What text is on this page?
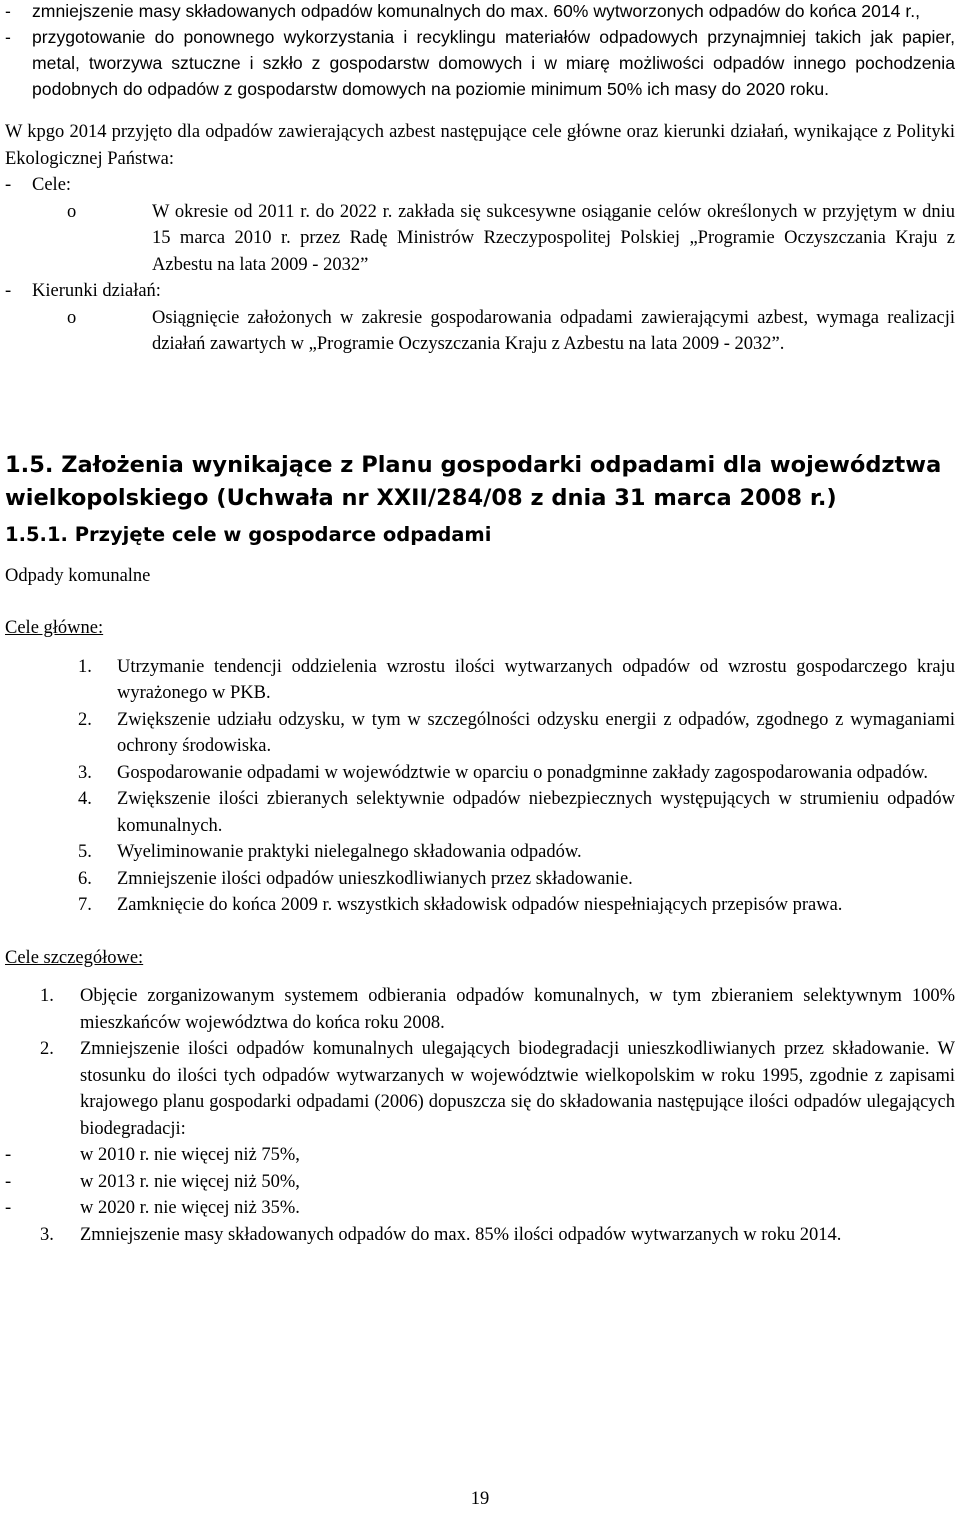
-	zmniejszenie masy składowanych odpadów komunalnych do max. 60% wytworzonych odpadów do końca 2014 r.,
-	przygotowanie do ponownego wykorzystania i recyklingu materiałów odpadowych przynajmniej takich jak papier, metal, tworzywa sztuczne i szkło z gospodarstw domowych i w miarę możliwości odpadów innego pochodzenia podobnych do odpadów z gospodarstw domowych na poziomie minimum 50% ich masy do 2020 roku.

W kpgo 2014 przyjęto dla odpadów zawierających azbest następujące cele główne oraz kierunki działań, wynikające z Polityki Ekologicznej Państwa:

-	Cele:
o	W okresie od 2011 r. do 2022 r. zakłada się sukcesywne osiąganie celów określonych w przyjętym w dniu 15 marca 2010 r. przez Radę Ministrów Rzeczypospolitej Polskiej „Programie Oczyszczania Kraju z Azbestu na lata 2009 - 2032”
-	Kierunki działań:
o	Osiągnięcie założonych w zakresie gospodarowania odpadami zawierającymi azbest, wymaga realizacji działań zawartych w „Programie Oczyszczania Kraju z Azbestu na lata 2009 - 2032”.
1.5. Założenia wynikające z Planu gospodarki odpadami dla województwa wielkopolskiego (Uchwała nr XXII/284/08 z dnia 31 marca 2008 r.)
1.5.1. Przyjęte cele w gospodarce odpadami
Odpady komunalne
Cele główne:
1.	Utrzymanie tendencji oddzielenia wzrostu ilości wytwarzanych odpadów od wzrostu gospodarczego kraju wyrażonego w PKB.
2.	Zwiększenie udziału odzysku, w tym w szczególności odzysku energii z odpadów, zgodnego z wymaganiami ochrony środowiska.
3.	Gospodarowanie odpadami w województwie w oparciu o ponadgminne zakłady zagospodarowania odpadów.
4.	Zwiększenie ilości zbieranych selektywnie odpadów niebezpiecznych występujących w strumieniu odpadów komunalnych.
5.	Wyeliminowanie praktyki nielegalnego składowania odpadów.
6.	Zmniejszenie ilości odpadów unieszkodliwianych przez składowanie.
7.	Zamknięcie do końca 2009 r. wszystkich składowisk odpadów niespełniających przepisów prawa.
Cele szczegółowe:
1.	Objęcie zorganizowanym systemem odbierania odpadów komunalnych, w tym zbieraniem selektywnym 100% mieszkańców województwa do końca roku 2008.
2.	Zmniejszenie ilości odpadów komunalnych ulegających biodegradacji unieszkodliwianych przez składowanie. W stosunku do ilości tych odpadów wytwarzanych w województwie wielkopolskim w roku 1995, zgodnie z zapisami krajowego planu gospodarki odpadami (2006) dopuszcza się do składowania następujące ilości odpadów ulegających biodegradacji:
-	w 2010 r. nie więcej niż 75%,
-	w 2013 r. nie więcej niż 50%,
-	w 2020 r. nie więcej niż 35%.
3.	Zmniejszenie masy składowanych odpadów do max. 85% ilości odpadów wytwarzanych w roku 2014.
19
